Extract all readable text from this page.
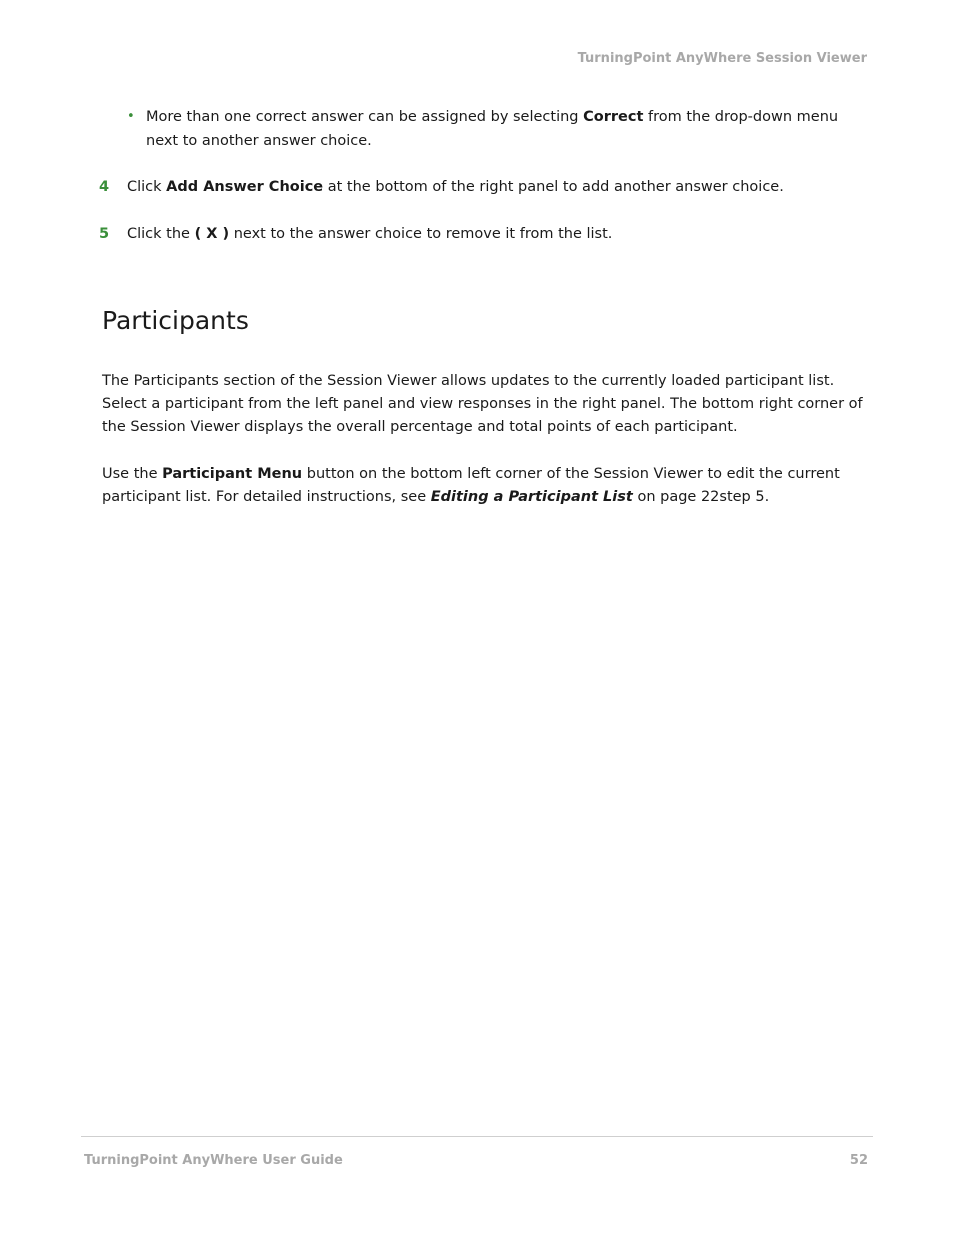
TurningPoint AnyWhere Session Viewer
• More than one correct answer can be assigned by selecting Correct from the drop-down menu next to another answer choice.
4 Click Add Answer Choice at the bottom of the right panel to add another answer choice.
5 Click the ( X ) next to the answer choice to remove it from the list.
Participants

The Participants section of the Session Viewer allows updates to the currently loaded participant list. Select a participant from the left panel and view responses in the right panel. The bottom right corner of the Session Viewer displays the overall percentage and total points of each participant.

Use the Participant Menu button on the bottom left corner of the Session Viewer to edit the current participant list. For detailed instructions, see Editing a Participant List on page 22step 5.

TurningPoint AnyWhere User Guide	52
